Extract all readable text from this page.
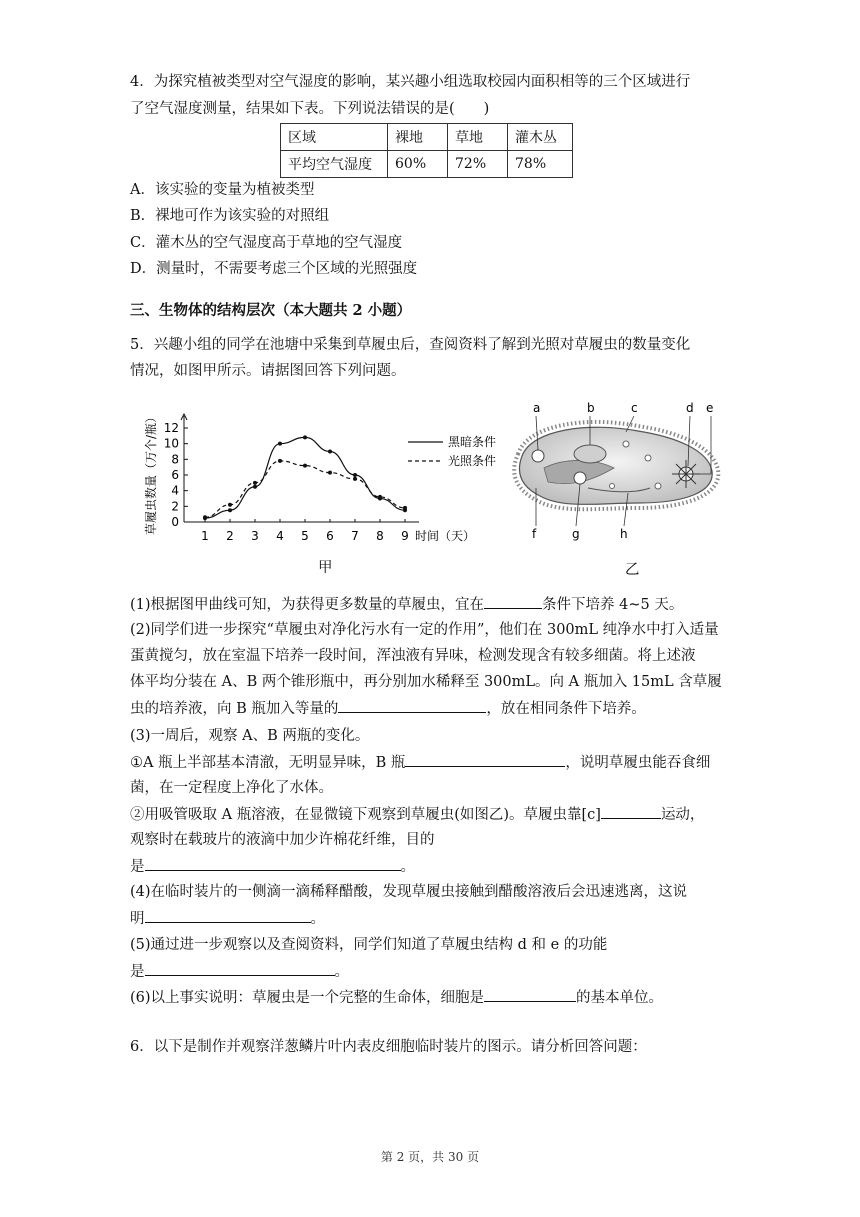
4．为探究植被类型对空气湿度的影响，某兴趣小组选取校园内面积相等的三个区域进行
了空气湿度测量，结果如下表。下列说法错误的是(　　)
区域	裸地	草地	灌木丛
平均空气湿度	60%	72%	78%
A．该实验的变量为植被类型
B．裸地可作为该实验的对照组
C．灌木丛的空气湿度高于草地的空气湿度
D．测量时，不需要考虑三个区域的光照强度
三、生物体的结构层次（本大题共 2 小题）
5．兴趣小组的同学在池塘中采集到草履虫后，查阅资料了解到光照对草履虫的数量变化
情况，如图甲所示。请据图回答下列问题。
0
2
4
6
8
10
12
1 2 3 4 5 6 7 8 9 时间（天）
草履虫数量（万个/瓶）	黑暗条件
光照条件
甲
a	b	c	d e
f	g	h
乙
(1)根据图甲曲线可知，为获得更多数量的草履虫，宜在	条件下培养 4~5 天。
(2)同学们进一步探究“草履虫对净化污水有一定的作用”，他们在 300mL 纯净水中打入适量
蛋黄搅匀，放在室温下培养一段时间，浑浊液有异味，检测发现含有较多细菌。将上述液
体平均分装在 A、B 两个锥形瓶中，再分别加水稀释至 300mL。向 A 瓶加入 15mL 含草履
虫的培养液，向 B 瓶加入等量的	，放在相同条件下培养。
(3)一周后，观察 A、B 两瓶的变化。
①A 瓶上半部基本清澈，无明显异味，B 瓶	，说明草履虫能吞食细
菌，在一定程度上净化了水体。
②用吸管吸取 A 瓶溶液，在显微镜下观察到草履虫(如图乙)。草履虫靠[c]	运动，
观察时在载玻片的液滴中加少许棉花纤维，目的
是	。
(4)在临时装片的一侧滴一滴稀释醋酸，发现草履虫接触到醋酸溶液后会迅速逃离，这说
明	。
(5)通过进一步观察以及查阅资料，同学们知道了草履虫结构 d 和 e 的功能
是	。
(6)以上事实说明：草履虫是一个完整的生命体，细胞是	的基本单位。
6．以下是制作并观察洋葱鳞片叶内表皮细胞临时装片的图示。请分析回答问题：
第 2 页，共 30 页
